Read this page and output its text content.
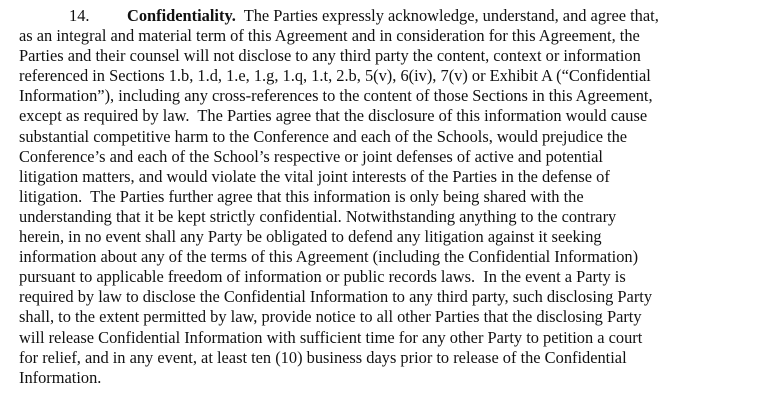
14. Confidentiality.  The Parties expressly acknowledge, understand, and agree that,
as an integral and material term of this Agreement and in consideration for this Agreement, the
Parties and their counsel will not disclose to any third party the content, context or information
referenced in Sections 1.b, 1.d, 1.e, 1.g, 1.q, 1.t, 2.b, 5(v), 6(iv), 7(v) or Exhibit A (“Confidential
Information”), including any cross-references to the content of those Sections in this Agreement,
except as required by law.  The Parties agree that the disclosure of this information would cause
substantial competitive harm to the Conference and each of the Schools, would prejudice the
Conference’s and each of the School’s respective or joint defenses of active and potential
litigation matters, and would violate the vital joint interests of the Parties in the defense of
litigation.  The Parties further agree that this information is only being shared with the
understanding that it be kept strictly confidential. Notwithstanding anything to the contrary
herein, in no event shall any Party be obligated to defend any litigation against it seeking
information about any of the terms of this Agreement (including the Confidential Information)
pursuant to applicable freedom of information or public records laws.  In the event a Party is
required by law to disclose the Confidential Information to any third party, such disclosing Party
shall, to the extent permitted by law, provide notice to all other Parties that the disclosing Party
will release Confidential Information with sufficient time for any other Party to petition a court
for relief, and in any event, at least ten (10) business days prior to release of the Confidential
Information.
